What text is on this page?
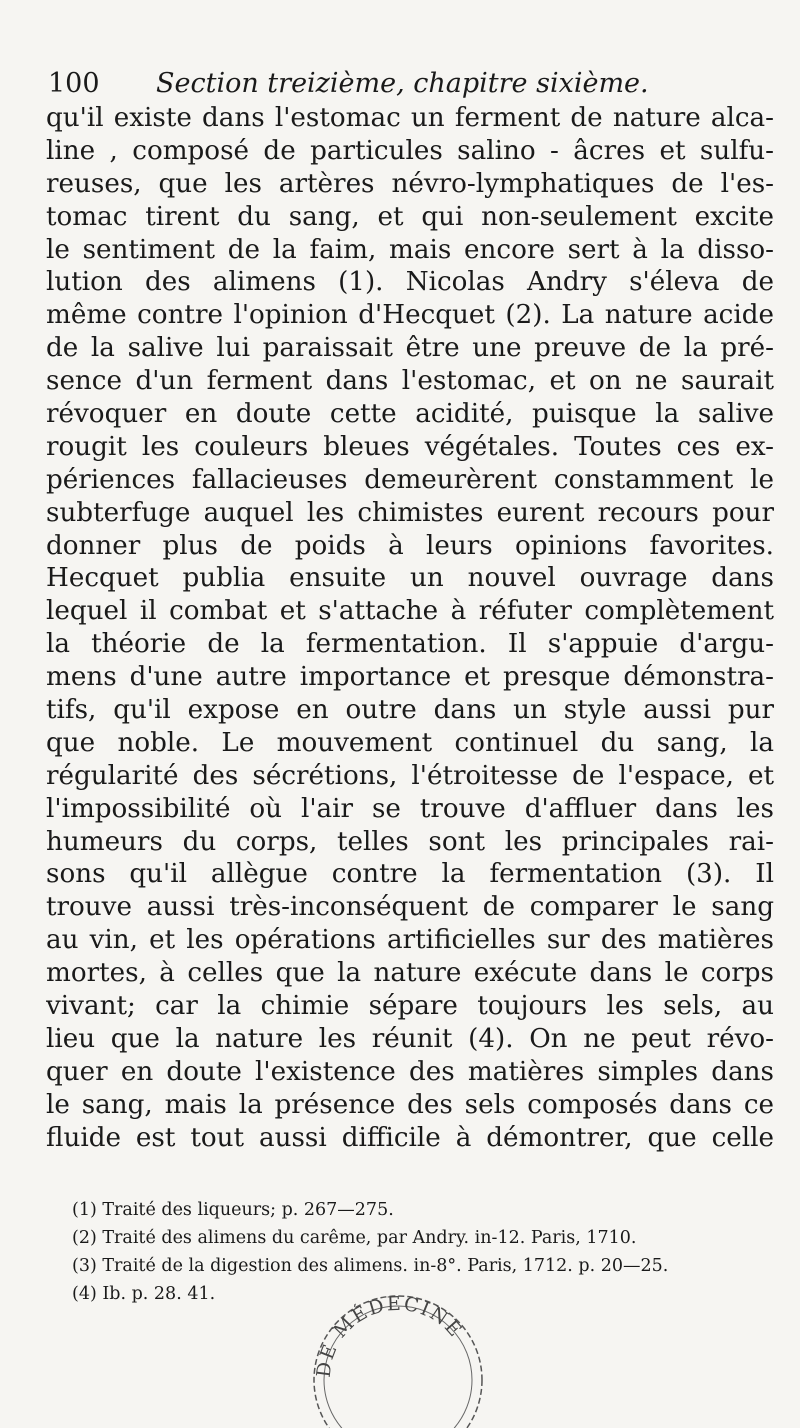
100 Section treizième, chapitre sixième.
qu'il existe dans l'estomac un ferment de nature alca-
line , composé de particules salino - âcres et sulfu-
reuses, que les artères névro-lymphatiques de l'es-
tomac tirent du sang, et qui non-seulement excite
le sentiment de la faim, mais encore sert à la disso-
lution des alimens (1). Nicolas Andry s'éleva de
même contre l'opinion d'Hecquet (2). La nature acide
de la salive lui paraissait être une preuve de la pré-
sence d'un ferment dans l'estomac, et on ne saurait
révoquer en doute cette acidité, puisque la salive
rougit les couleurs bleues végétales. Toutes ces ex-
périences fallacieuses demeurèrent constamment le
subterfuge auquel les chimistes eurent recours pour
donner plus de poids à leurs opinions favorites.
Hecquet publia ensuite un nouvel ouvrage dans
lequel il combat et s'attache à réfuter complètement
la théorie de la fermentation. Il s'appuie d'argu-
mens d'une autre importance et presque démonstra-
tifs, qu'il expose en outre dans un style aussi pur
que noble. Le mouvement continuel du sang, la
régularité des sécrétions, l'étroitesse de l'espace, et
l'impossibilité où l'air se trouve d'affluer dans les
humeurs du corps, telles sont les principales rai-
sons qu'il allègue contre la fermentation (3). Il
trouve aussi très-inconséquent de comparer le sang
au vin, et les opérations artificielles sur des matières
mortes, à celles que la nature exécute dans le corps
vivant; car la chimie sépare toujours les sels, au
lieu que la nature les réunit (4). On ne peut révo-
quer en doute l'existence des matières simples dans
le sang, mais la présence des sels composés dans ce
fluide est tout aussi difficile à démontrer, que celle
(1) Traité des liqueurs; p. 267—275.
(2) Traité des alimens du carême, par Andry. in-12. Paris, 1710.
(3) Traité de la digestion des alimens. in-8°. Paris, 1712. p. 20—25.
(4) Ib. p. 28. 41.
DE MÉDECINE
